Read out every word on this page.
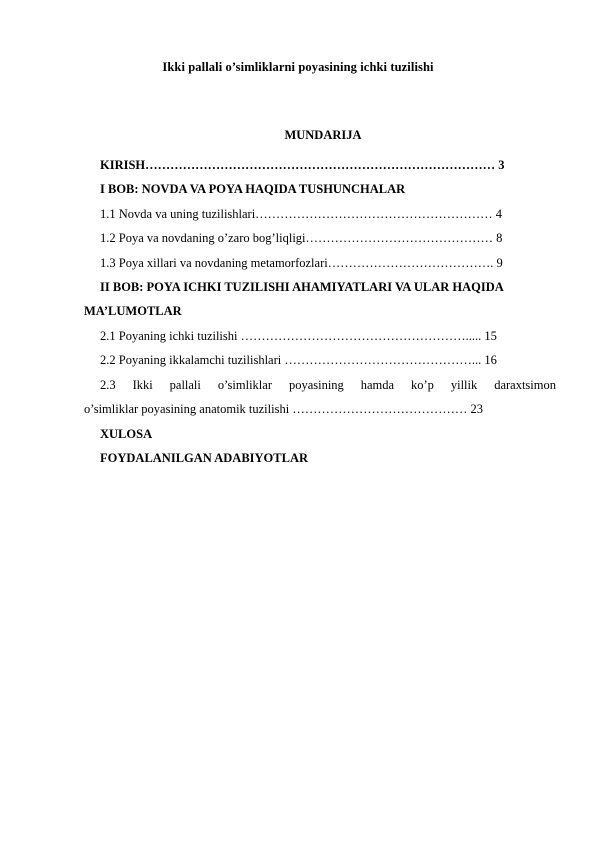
Ikki pallali o’simliklarni poyasining ichki tuzilishi
MUNDARIJA
KIRISH………………………………………………………………………… 3
I BOB: NOVDA VA POYA HAQIDA TUSHUNCHALAR
1.1 Novda va uning tuzilishlari………………………………………………… 4
1.2 Poya va novdaning o’zaro bog’liqligi……………………………………… 8
1.3 Poya xillari va novdaning metamorfozlari…………………………………. 9
II BOB: POYA ICHKI TUZILISHI AHAMIYATLARI VA ULAR HAQIDA
MA’LUMOTLAR
2.1 Poyaning ichki tuzilishi ………………………………………………..... 15
2.2 Poyaning ikkalamchi tuzilishlari ………………………………………... 16
2.3 Ikki pallali o’simliklar poyasining hamda ko’p yillik daraxtsimon
o’simliklar poyasining anatomik tuzilishi …………………………………… 23
XULOSA
FOYDALANILGAN ADABIYOTLAR
